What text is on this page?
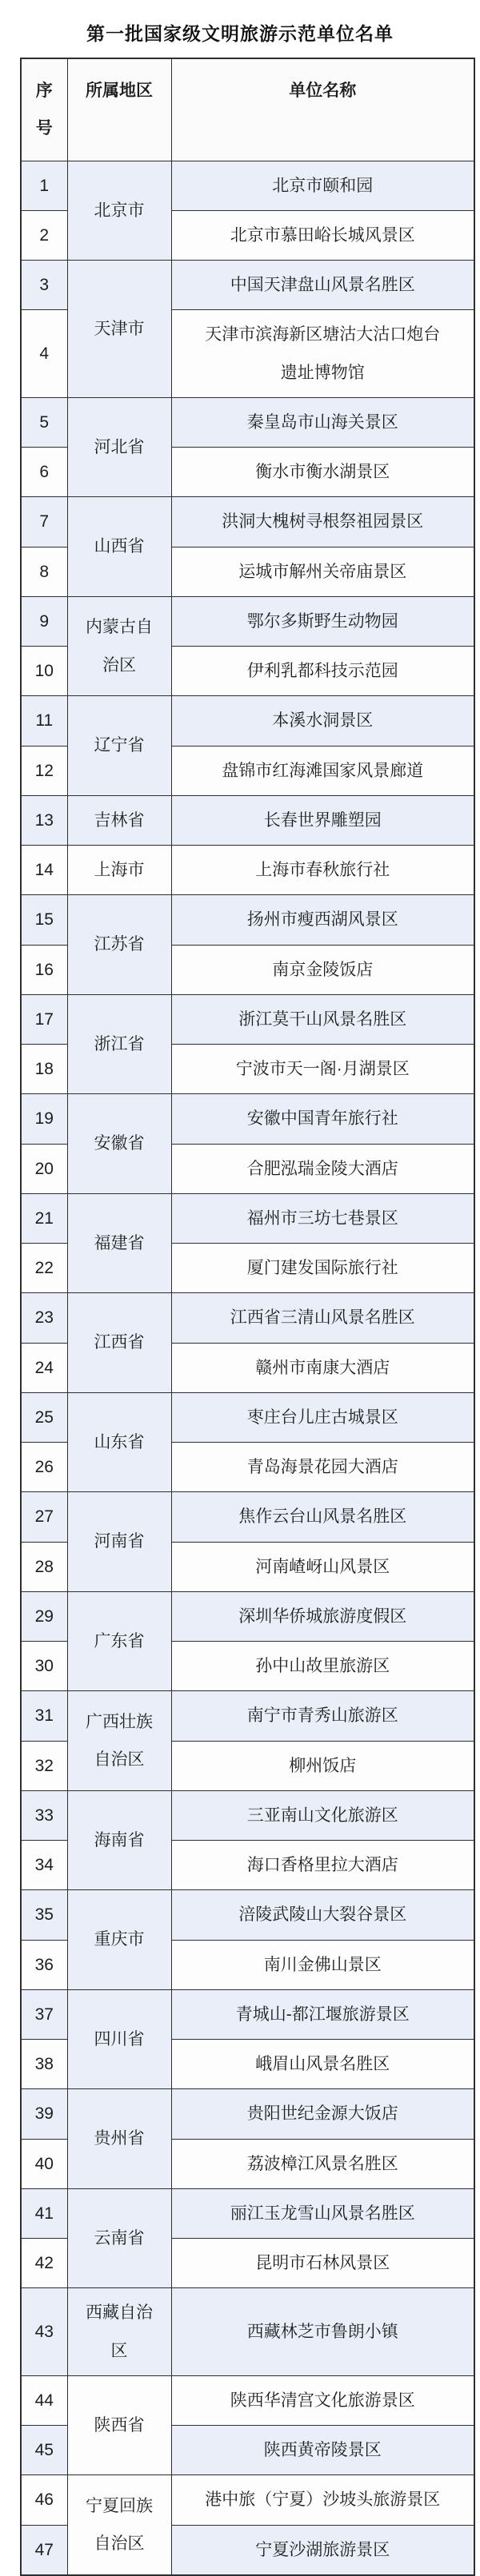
第一批国家级文明旅游示范单位名单
序号	所属地区	单位名称
1	北京市	北京市颐和园
2		北京市慕田峪长城风景区
3	天津市	中国天津盘山风景名胜区
4		天津市滨海新区塘沽大沽口炮台遗址博物馆
5	河北省	秦皇岛市山海关景区
6		衡水市衡水湖景区
7	山西省	洪洞大槐树寻根祭祖园景区
8		运城市解州关帝庙景区
9	内蒙古自治区	鄂尔多斯野生动物园
10		伊利乳都科技示范园
11	辽宁省	本溪水洞景区
12		盘锦市红海滩国家风景廊道
13	吉林省	长春世界雕塑园
14	上海市	上海市春秋旅行社
15	江苏省	扬州市瘦西湖风景区
16		南京金陵饭店
17	浙江省	浙江莫干山风景名胜区
18		宁波市天一阁·月湖景区
19	安徽省	安徽中国青年旅行社
20		合肥泓瑞金陵大酒店
21	福建省	福州市三坊七巷景区
22		厦门建发国际旅行社
23	江西省	江西省三清山风景名胜区
24		赣州市南康大酒店
25	山东省	枣庄台儿庄古城景区
26		青岛海景花园大酒店
27	河南省	焦作云台山风景名胜区
28		河南嵖岈山风景区
29	广东省	深圳华侨城旅游度假区
30		孙中山故里旅游区
31	广西壮族自治区	南宁市青秀山旅游区
32		柳州饭店
33	海南省	三亚南山文化旅游区
34		海口香格里拉大酒店
35	重庆市	涪陵武陵山大裂谷景区
36		南川金佛山景区
37	四川省	青城山-都江堰旅游景区
38		峨眉山风景名胜区
39	贵州省	贵阳世纪金源大饭店
40		荔波樟江风景名胜区
41	云南省	丽江玉龙雪山风景名胜区
42		昆明市石林风景区
43	西藏自治区	西藏林芝市鲁朗小镇
44	陕西省	陕西华清宫文化旅游景区
45		陕西黄帝陵景区
46	宁夏回族自治区	港中旅（宁夏）沙坡头旅游景区
47		宁夏沙湖旅游景区
